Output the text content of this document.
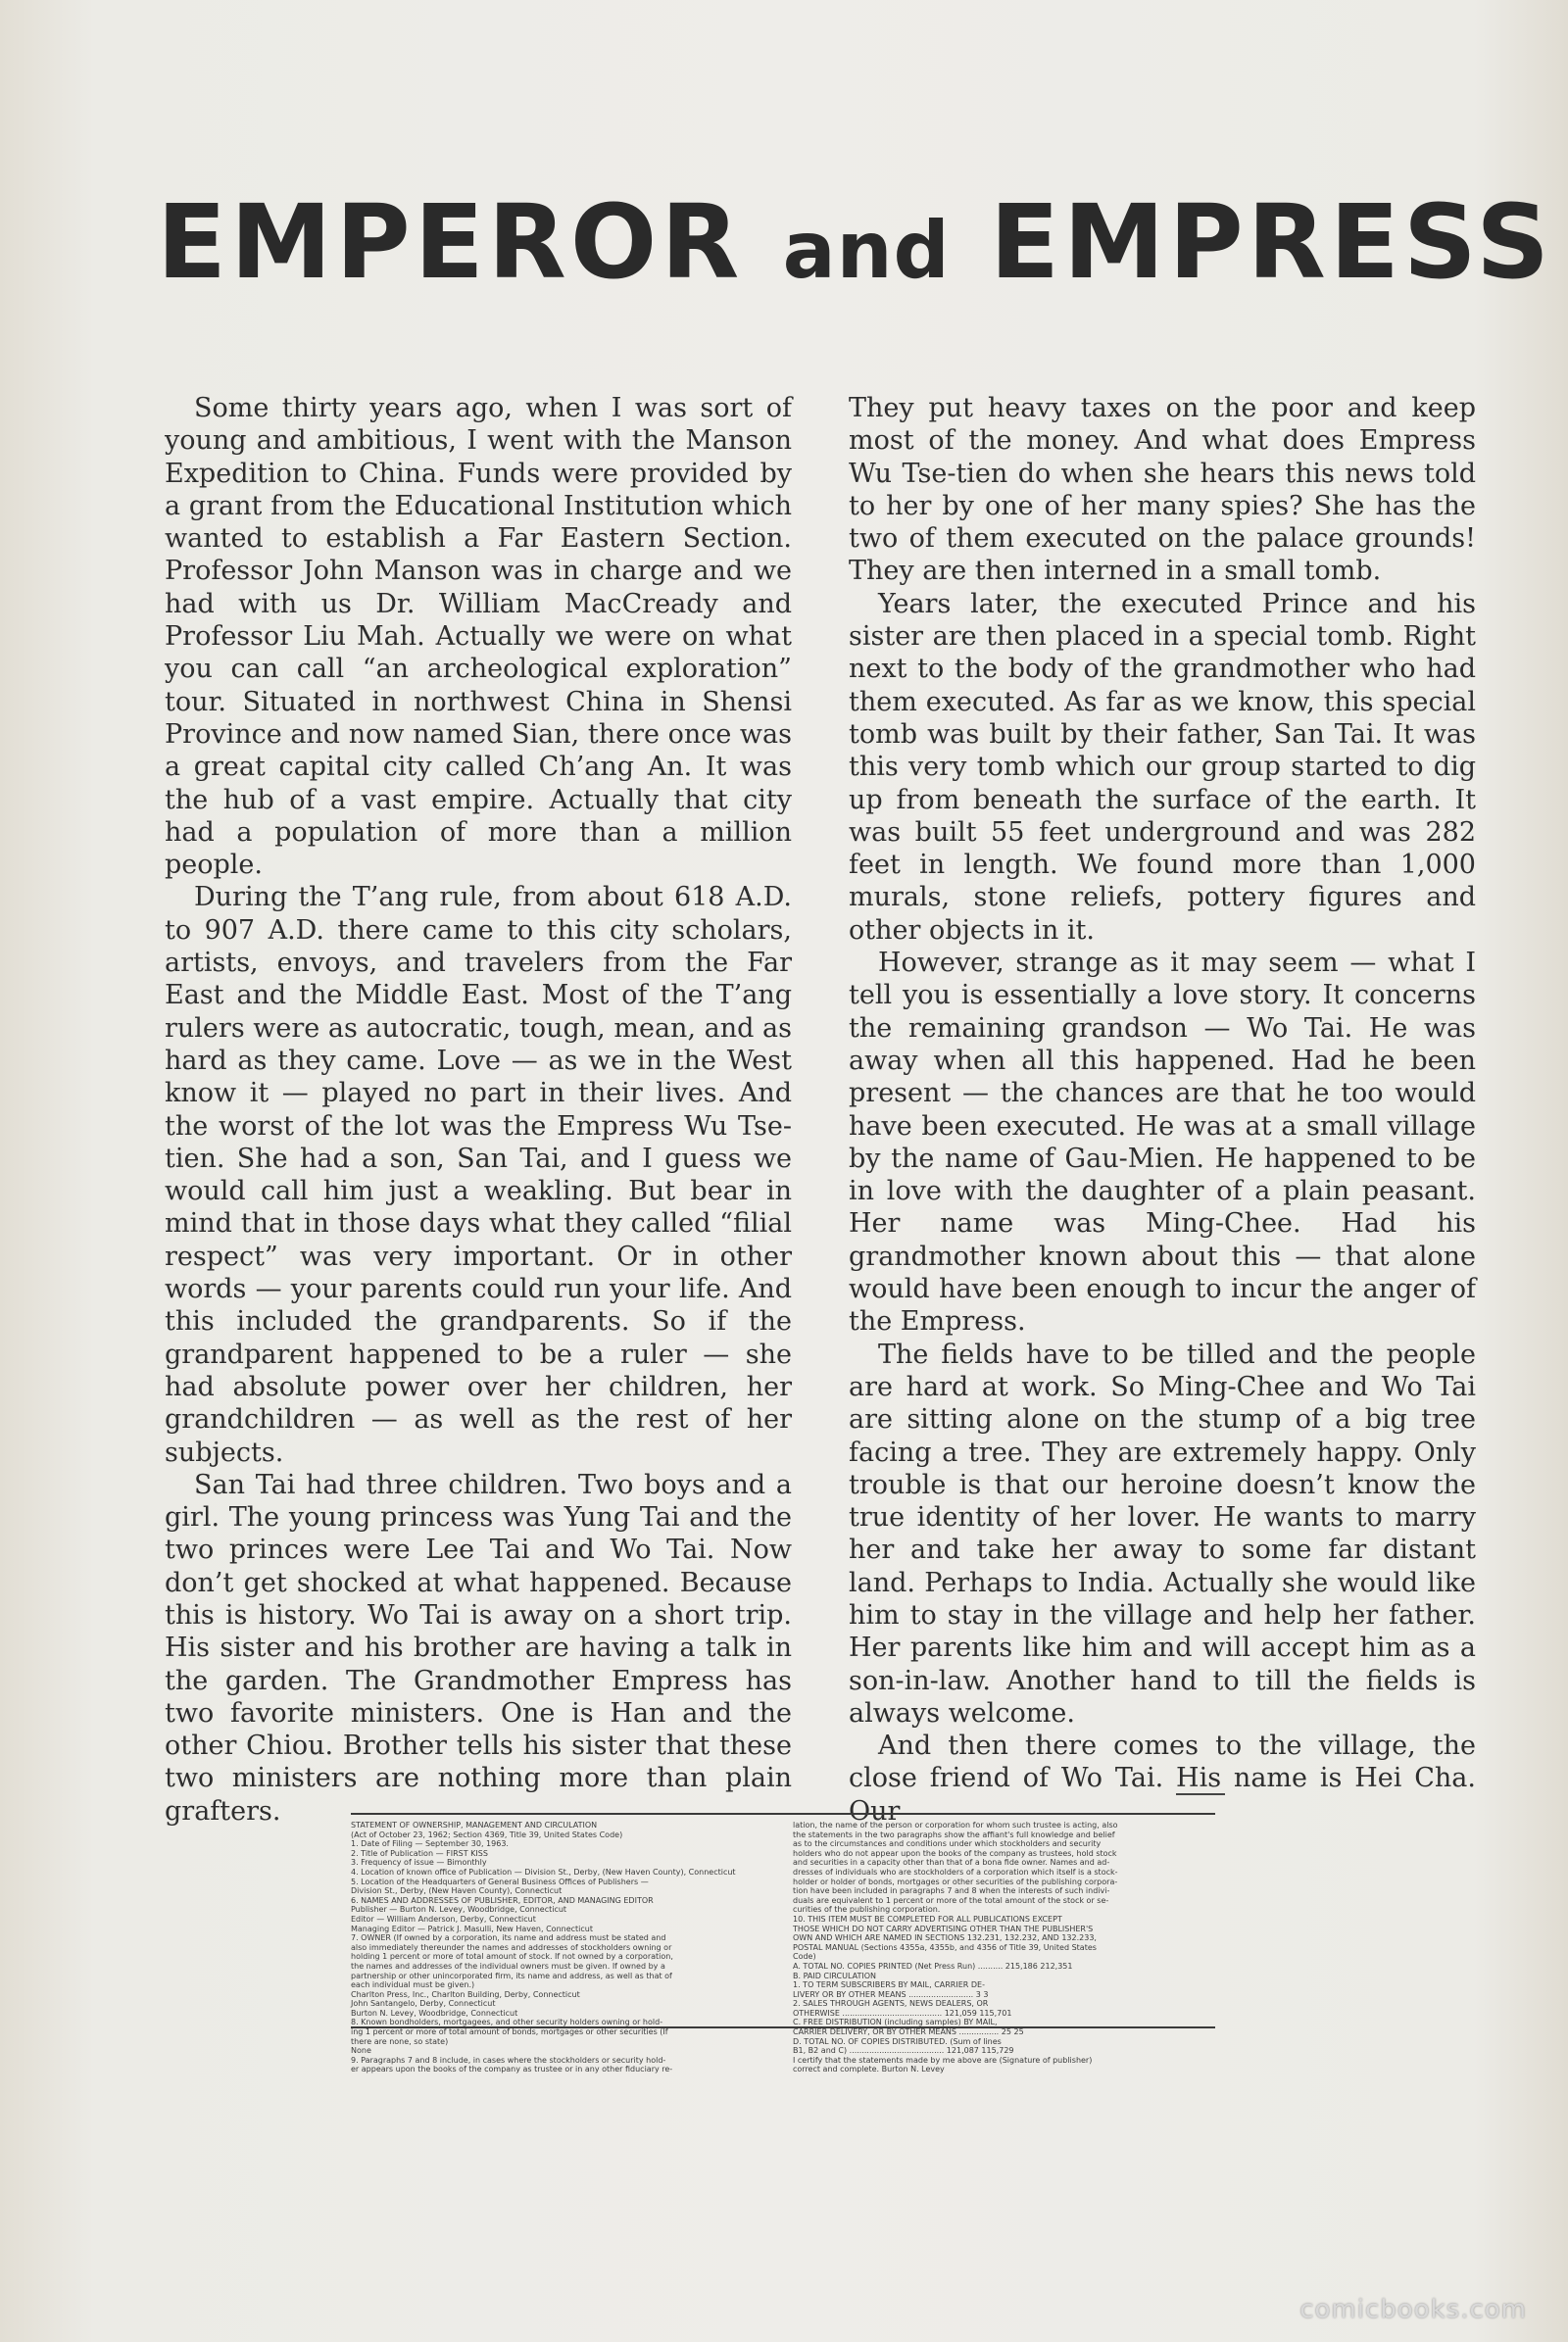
EMPEROR and EMPRESS

Some thirty years ago, when I was sort of young and ambitious, I went with the Manson Expedition to China. Funds were provided by a grant from the Educational Institution which wanted to establish a Far Eastern Section. Professor John Manson was in charge and we had with us Dr. William MacCready and Professor Liu Mah. Actually we were on what you can call “an archeological exploration” tour. Situated in northwest China in Shensi Province and now named Sian, there once was a great capital city called Ch’ang An. It was the hub of a vast empire. Actually that city had a population of more than a million people.

During the T’ang rule, from about 618 A.D. to 907 A.D. there came to this city scholars, artists, envoys, and travelers from the Far East and the Middle East. Most of the T’ang rulers were as autocratic, tough, mean, and as hard as they came. Love — as we in the West know it — played no part in their lives. And the worst of the lot was the Empress Wu Tse-tien. She had a son, San Tai, and I guess we would call him just a weakling. But bear in mind that in those days what they called “filial respect” was very important. Or in other words — your parents could run your life. And this included the grandparents. So if the grandparent happened to be a ruler — she had absolute power over her children, her grandchildren — as well as the rest of her subjects.

San Tai had three children. Two boys and a girl. The young princess was Yung Tai and the two princes were Lee Tai and Wo Tai. Now don’t get shocked at what happened. Because this is history. Wo Tai is away on a short trip. His sister and his brother are having a talk in the garden. The Grandmother Empress has two favorite ministers. One is Han and the other Chiou. Brother tells his sister that these two ministers are nothing more than plain grafters.

They put heavy taxes on the poor and keep most of the money. And what does Empress Wu Tse-tien do when she hears this news told to her by one of her many spies? She has the two of them executed on the palace grounds! They are then interned in a small tomb.

Years later, the executed Prince and his sister are then placed in a special tomb. Right next to the body of the grandmother who had them executed. As far as we know, this special tomb was built by their father, San Tai. It was this very tomb which our group started to dig up from beneath the surface of the earth. It was built 55 feet underground and was 282 feet in length. We found more than 1,000 murals, stone reliefs, pottery figures and other objects in it.

However, strange as it may seem — what I tell you is essentially a love story. It concerns the remaining grandson — Wo Tai. He was away when all this happened. Had he been present — the chances are that he too would have been executed. He was at a small village by the name of Gau-Mien. He happened to be in love with the daughter of a plain peasant. Her name was Ming-Chee. Had his grandmother known about this — that alone would have been enough to incur the anger of the Empress.

The fields have to be tilled and the people are hard at work. So Ming-Chee and Wo Tai are sitting alone on the stump of a big tree facing a tree. They are extremely happy. Only trouble is that our heroine doesn’t know the true identity of her lover. He wants to marry her and take her away to some far distant land. Perhaps to India. Actually she would like him to stay in the village and help her father. Her parents like him and will accept him as a son-in-law. Another hand to till the fields is always welcome.

And then there comes to the village, the close friend of Wo Tai. His name is Hei Cha. Our

STATEMENT OF OWNERSHIP, MANAGEMENT AND CIRCULATION
(Act of October 23, 1962; Section 4369, Title 39, United States Code)
1. Date of Filing — September 30, 1963.
2. Title of Publication — FIRST KISS
3. Frequency of issue — Bimonthly
4. Location of known office of Publication — Division St., Derby, (New Haven County), Connecticut
5. Location of the Headquarters of General Business Offices of Publishers —
Division St., Derby, (New Haven County), Connecticut
6. NAMES AND ADDRESSES OF PUBLISHER, EDITOR, AND MANAGING EDITOR
Publisher — Burton N. Levey, Woodbridge, Connecticut
Editor — William Anderson, Derby, Connecticut
Managing Editor — Patrick J. Masulli, New Haven, Connecticut
7. OWNER (If owned by a corporation, its name and address must be stated and
also immediately thereunder the names and addresses of stockholders owning or
holding 1 percent or more of total amount of stock. If not owned by a corporation,
the names and addresses of the individual owners must be given. If owned by a
partnership or other unincorporated firm, its name and address, as well as that of
each individual must be given.)
Charlton Press, Inc., Charlton Building, Derby, Connecticut
John Santangelo, Derby, Connecticut
Burton N. Levey, Woodbridge, Connecticut
8. Known bondholders, mortgagees, and other security holders owning or hold-
ing 1 percent or more of total amount of bonds, mortgages or other securities (If
there are none, so state)
None
9. Paragraphs 7 and 8 include, in cases where the stockholders or security hold-
er appears upon the books of the company as trustee or in any other fiduciary re-
lation, the name of the person or corporation for whom such trustee is acting, also
the statements in the two paragraphs show the affiant's full knowledge and belief
as to the circumstances and conditions under which stockholders and security
holders who do not appear upon the books of the company as trustees, hold stock
and securities in a capacity other than that of a bona fide owner. Names and ad-
dresses of individuals who are stockholders of a corporation which itself is a stock-
holder or holder of bonds, mortgages or other securities of the publishing corpora-
tion have been included in paragraphs 7 and 8 when the interests of such indivi-
duals are equivalent to 1 percent or more of the total amount of the stock or se-
curities of the publishing corporation.
10. THIS ITEM MUST BE COMPLETED FOR ALL PUBLICATIONS EXCEPT
THOSE WHICH DO NOT CARRY ADVERTISING OTHER THAN THE PUBLISHER'S
OWN AND WHICH ARE NAMED IN SECTIONS 132.231, 132.232, AND 132.233,
POSTAL MANUAL (Sections 4355a, 4355b, and 4356 of Title 39, United States
Code)
A. TOTAL NO. COPIES PRINTED (Net Press Run) .......... 215,186 212,351
B. PAID CIRCULATION
1. TO TERM SUBSCRIBERS BY MAIL, CARRIER DE-
LIVERY OR BY OTHER MEANS .......................... 3 3
2. SALES THROUGH AGENTS, NEWS DEALERS, OR
OTHERWISE ........................................ 121,059 115,701
C. FREE DISTRIBUTION (including samples) BY MAIL,
CARRIER DELIVERY, OR BY OTHER MEANS ................ 25 25
D. TOTAL NO. OF COPIES DISTRIBUTED. (Sum of lines
B1, B2 and C) ...................................... 121,087 115,729
I certify that the statements made by me above are (Signature of publisher)
correct and complete. Burton N. Levey
comicbooks.com
